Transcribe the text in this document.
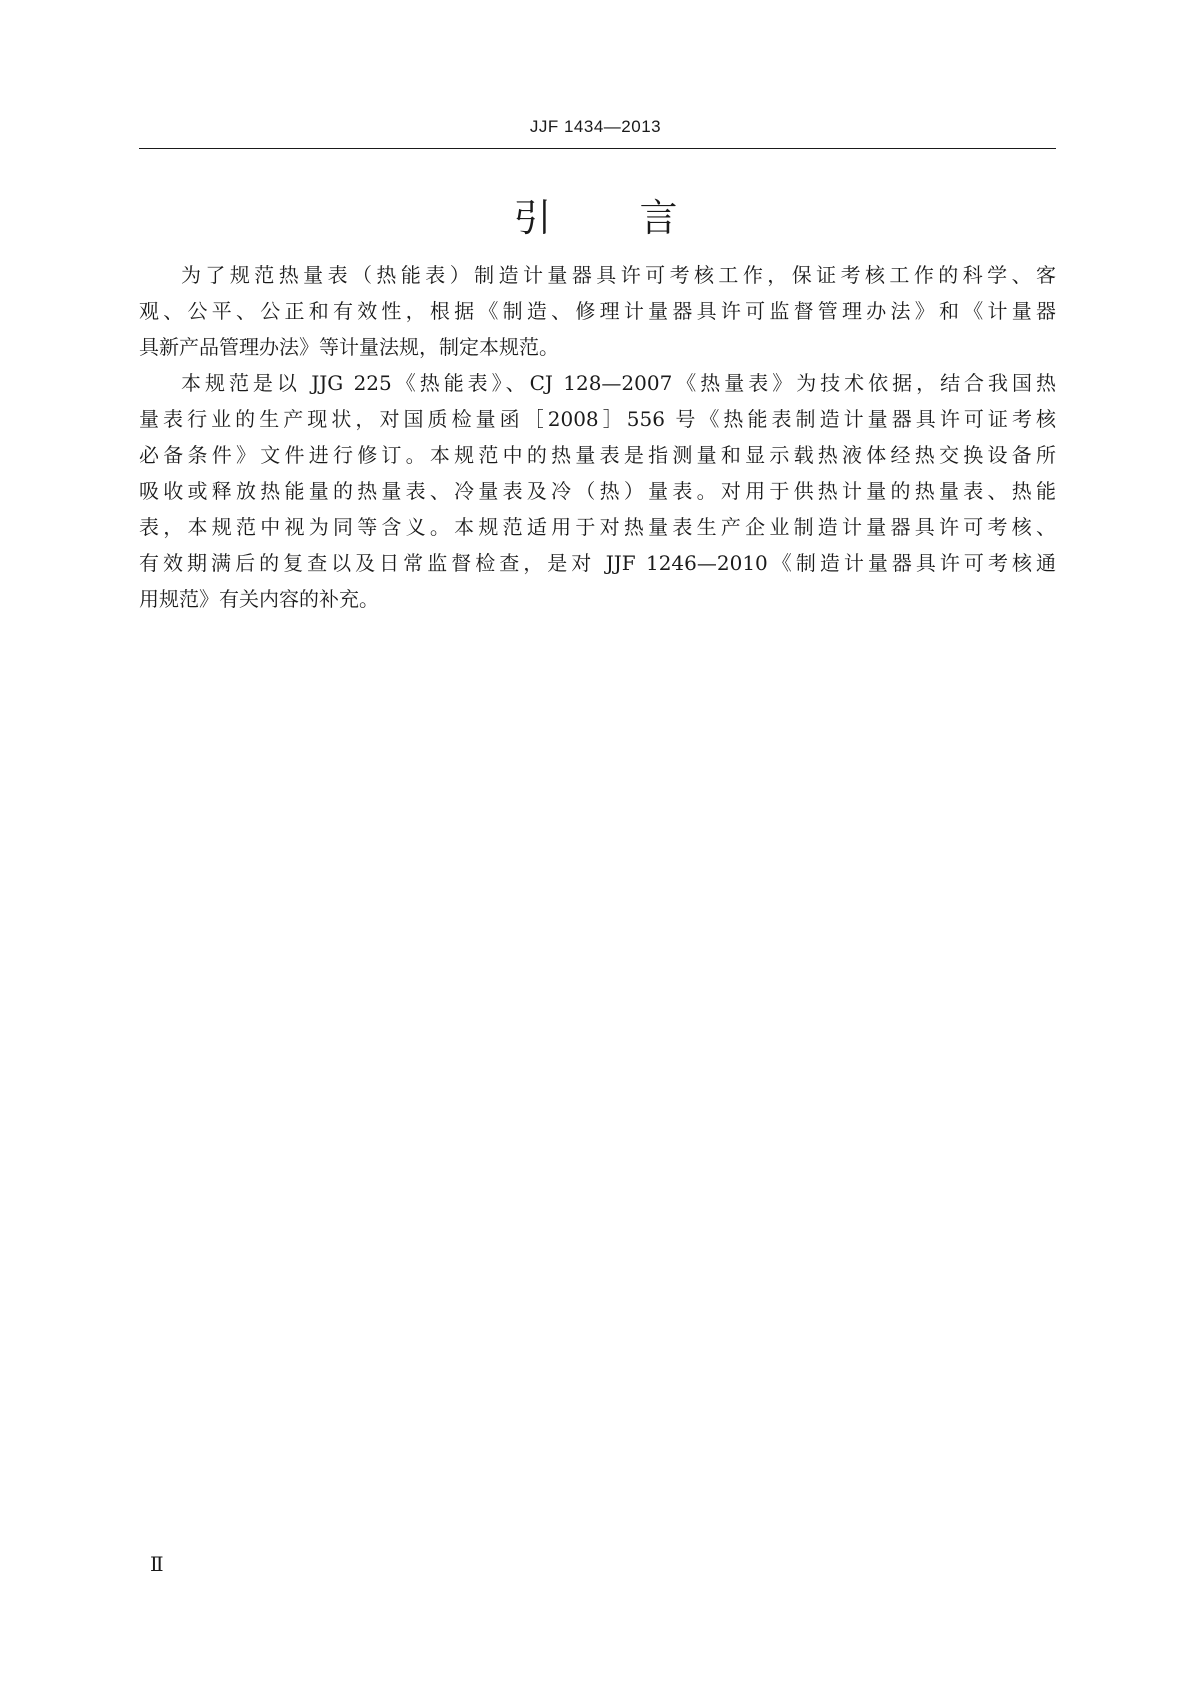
JJF 1434—2013
引 言
为了规范热量表（热能表）制造计量器具许可考核工作，保证考核工作的科学、客
观、公平、公正和有效性，根据《制造、修理计量器具许可监督管理办法》和《计量器
具新产品管理办法》等计量法规，制定本规范。
本规范是以 JJG 225《热能表》、CJ 128—2007《热量表》为技术依据，结合我国热
量表行业的生产现状，对国质检量函［2008］556 号《热能表制造计量器具许可证考核
必备条件》文件进行修订。本规范中的热量表是指测量和显示载热液体经热交换设备所
吸收或释放热能量的热量表、冷量表及冷（热）量表。对用于供热计量的热量表、热能
表，本规范中视为同等含义。本规范适用于对热量表生产企业制造计量器具许可考核、
有效期满后的复查以及日常监督检查，是对 JJF 1246—2010《制造计量器具许可考核通
用规范》有关内容的补充。
Ⅱ
